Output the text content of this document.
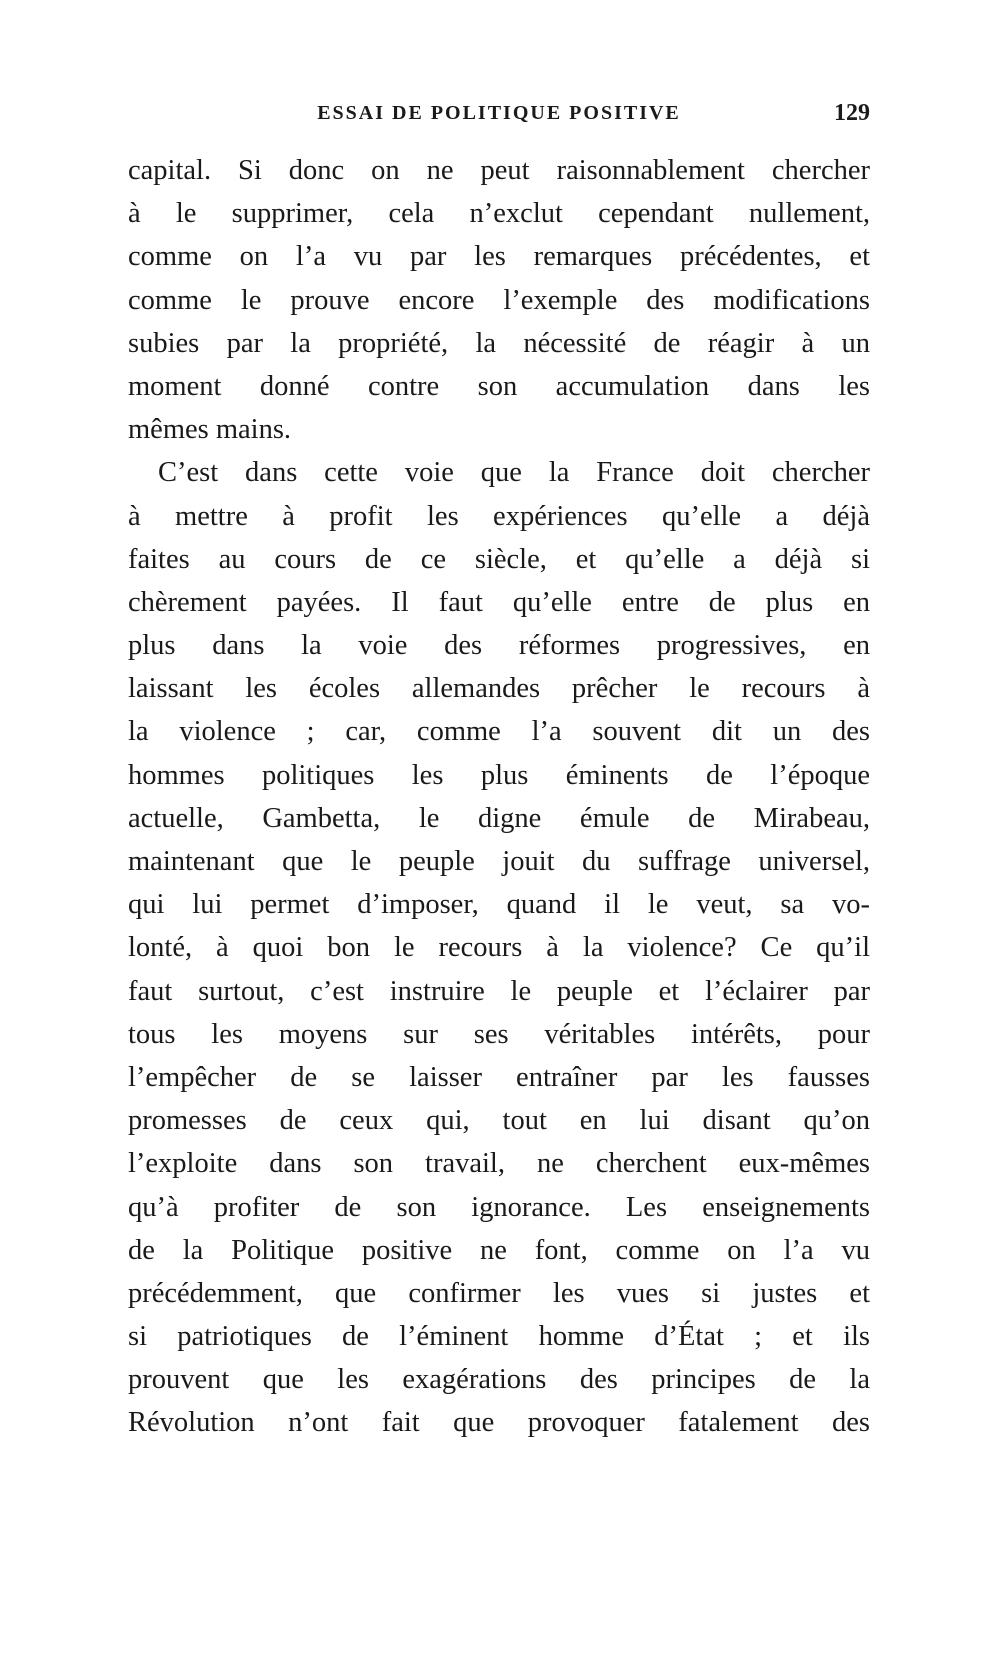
ESSAI DE POLITIQUE POSITIVE	129
capital. Si donc on ne peut raisonnablement chercher
à le supprimer, cela n’exclut cependant nullement,
comme on l’a vu par les remarques précédentes, et
comme le prouve encore l’exemple des modifications
subies par la propriété, la nécessité de réagir à un
moment donné contre son accumulation dans les
mêmes mains.
C’est dans cette voie que la France doit chercher
à mettre à profit les expériences qu’elle a déjà
faites au cours de ce siècle, et qu’elle a déjà si
chèrement payées. Il faut qu’elle entre de plus en
plus dans la voie des réformes progressives, en
laissant les écoles allemandes prêcher le recours à
la violence ; car, comme l’a souvent dit un des
hommes politiques les plus éminents de l’époque
actuelle, Gambetta, le digne émule de Mirabeau,
maintenant que le peuple jouit du suffrage universel,
qui lui permet d’imposer, quand il le veut, sa vo-
lonté, à quoi bon le recours à la violence? Ce qu’il
faut surtout, c’est instruire le peuple et l’éclairer par
tous les moyens sur ses véritables intérêts, pour
l’empêcher de se laisser entraîner par les fausses
promesses de ceux qui, tout en lui disant qu’on
l’exploite dans son travail, ne cherchent eux-mêmes
qu’à profiter de son ignorance. Les enseignements
de la Politique positive ne font, comme on l’a vu
précédemment, que confirmer les vues si justes et
si patriotiques de l’éminent homme d’État ; et ils
prouvent que les exagérations des principes de la
Révolution n’ont fait que provoquer fatalement des
